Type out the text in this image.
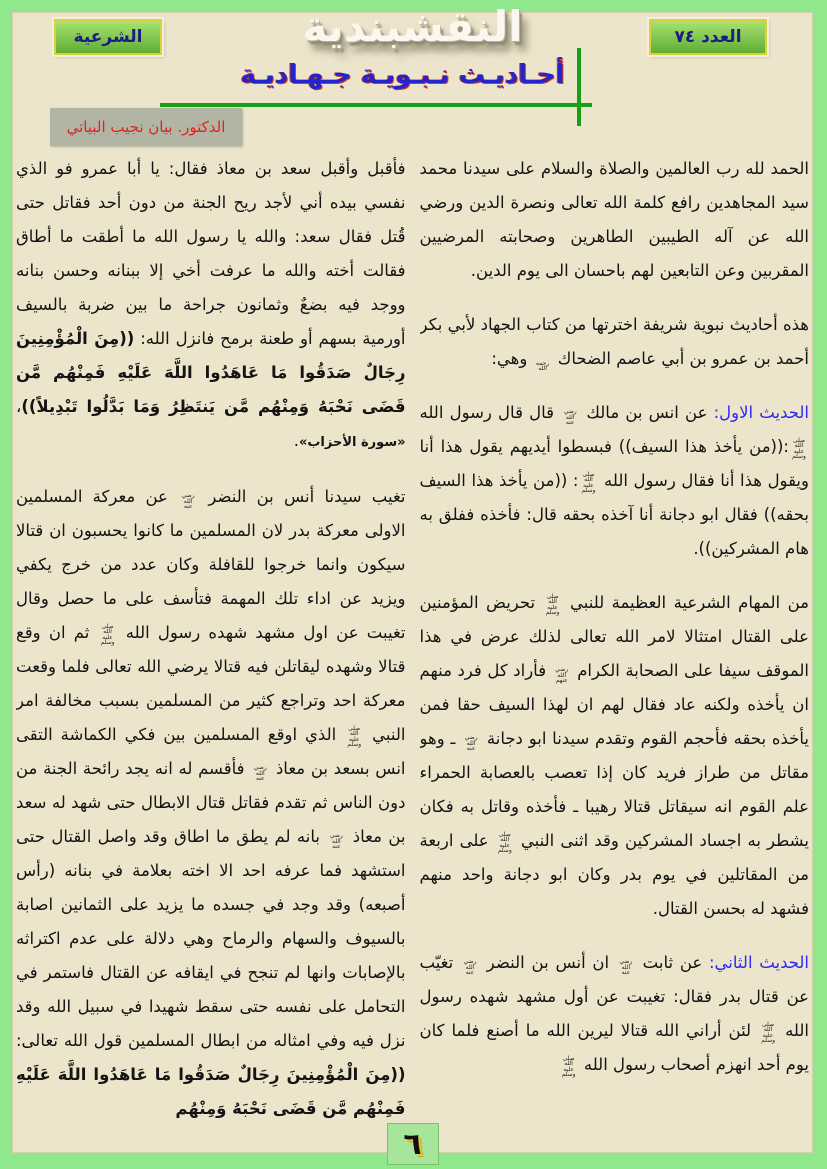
الشرعية	النقشبندية	العدد ٧٤
أحـاديـث نـبـويـة جـهـاديـة
الدكتور. بيان نجيب البياتي

الحمد لله رب العالمين والصلاة والسلام على سيدنا محمد سيد المجاهدين رافع كلمة الله تعالى ونصرة الدين ورضي الله عن آله الطيبين الطاهرين وصحابته المرضيين المقربين وعن التابعين لهم باحسان الى يوم الدين.

هذه أحاديث نبوية شريفة اخترتها من كتاب الجهاد لأبي بكر أحمد بن عمرو بن أبي عاصم الضحاك رحمه الله وهي:

الحديث الاول: عن انس بن مالك رضي الله عنه قال قال رسول الله صلى الله عليه وسلم:((من يأخذ هذا السيف)) فبسطوا أيديهم يقول هذا أنا ويقول هذا أنا فقال رسول الله صلى الله عليه وسلم: ((من يأخذ هذا السيف بحقه)) فقال ابو دجانة أنا آخذه بحقه قال: فأخذه ففلق به هام المشركين)).

من المهام الشرعية العظيمة للنبي صلى الله عليه وسلم تحريض المؤمنين على القتال امتثالا لامر الله تعالى لذلك عرض في هذا الموقف سيفا على الصحابة الكرام رضي الله عنهم فأراد كل فرد منهم ان يأخذه ولكنه عاد فقال لهم ان لهذا السيف حقا فمن يأخذه بحقه فأحجم القوم وتقدم سيدنا ابو دجانة رضي الله عنه ـ وهو مقاتل من طراز فريد كان إذا تعصب بالعصابة الحمراء علم القوم انه سيقاتل قتالا رهيبا ـ فأخذه وقاتل به فكان يشطر به اجساد المشركين وقد اثنى النبي صلى الله عليه وسلم على اربعة من المقاتلين في يوم بدر وكان ابو دجانة واحد منهم فشهد له بحسن القتال.

الحديث الثاني: عن ثابت رضي الله عنه ان أنس بن النضر رضي الله عنه تغيّب عن قتال بدر فقال: تغيبت عن أول مشهد شهده رسول الله صلى الله عليه وسلم لئن أراني الله قتالا ليرين الله ما أصنع فلما كان يوم أحد انهزم أصحاب رسول الله صلى الله عليه وسلم

فأقبل وأقبل سعد بن معاذ فقال: يا أبا عمرو فو الذي نفسي بيده أني لأجد ريح الجنة من دون أحد فقاتل حتى قُتل فقال سعد: والله يا رسول الله ما أطقت ما أطاق فقالت أخته والله ما عرفت أخي إلا ببنانه وحسن بنانه ووجد فيه بضعٌ وثمانون جراحة ما بين ضربة بالسيف أورمية بسهم أو طعنة برمح فانزل الله: ((مِنَ الْمُؤْمِنِينَ رِجَالٌ صَدَقُوا مَا عَاهَدُوا اللَّهَ عَلَيْهِ فَمِنْهُم مَّن قَضَى نَحْبَهُ وَمِنْهُم مَّن يَنتَظِرُ وَمَا بَدَّلُوا تَبْدِيلاً))، «سورة الأحزاب».

تغيب سيدنا أنس بن النضر رضي الله عنه عن معركة المسلمين الاولى معركة بدر لان المسلمين ما كانوا يحسبون ان قتالا سيكون وانما خرجوا للقافلة وكان عدد من خرج يكفي ويزيد عن اداء تلك المهمة فتأسف على ما حصل وقال تغيبت عن اول مشهد شهده رسول الله صلى الله عليه وسلم ثم ان وقع قتالا وشهده ليقاتلن فيه قتالا يرضي الله تعالى فلما وقعت معركة احد وتراجع كثير من المسلمين بسبب مخالفة امر النبي صلى الله عليه وسلم الذي اوقع المسلمين بين فكي الكماشة التقى انس بسعد بن معاذ رضي الله عنه فأقسم له انه يجد رائحة الجنة من دون الناس ثم تقدم فقاتل قتال الابطال حتى شهد له سعد بن معاذ رضي الله عنه بانه لم يطق ما اطاق وقد واصل القتال حتى استشهد فما عرفه احد الا اخته بعلامة في بنانه (رأس أصبعه) وقد وجد في جسده ما يزيد على الثمانين اصابة بالسيوف والسهام والرماح وهي دلالة على عدم اكتراثه بالإصابات وانها لم تنجح في ايقافه عن القتال فاستمر في التحامل على نفسه حتى سقط شهيدا في سبيل الله وقد نزل فيه وفي امثاله من ابطال المسلمين قول الله تعالى: ((مِنَ الْمُؤْمِنِينَ رِجَالٌ صَدَقُوا مَا عَاهَدُوا اللَّهَ عَلَيْهِ فَمِنْهُم مَّن قَضَى نَحْبَهُ وَمِنْهُم

٦
